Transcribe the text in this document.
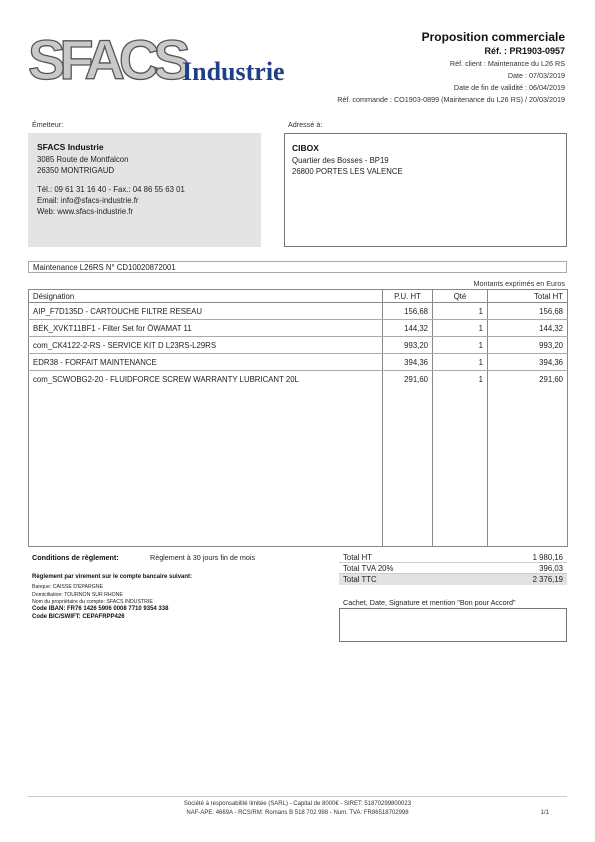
SFACS
Industrie
Proposition commerciale
Réf. : PR1903-0957
Réf. client : Maintenance du L26 RS
Date : 07/03/2019
Date de fin de validité : 06/04/2019
Réf. commande : CO1903-0899 (Maintenance du L26 RS) / 20/03/2019
Émetteur:	Adressé à:
SFACS Industrie
3085 Route de Montfalcon
26350 MONTRIGAUD
Tél.: 09 61 31 16 40 - Fax.: 04 86 55 63 01
Email: info@sfacs-industrie.fr
Web: www.sfacs-industrie.fr
CIBOX
Quartier des Bosses - BP19
26800 PORTES LES VALENCE
Maintenance L26RS N° CD10020872001
Montants exprimés en Euros
Désignation	P.U. HT	Qté	Total HT
AIP_F7D135D - CARTOUCHE FILTRE RESEAU	156,68	1	156,68
BEK_XVKT11BF1 - Filter Set for ÖWAMAT 11	144,32	1	144,32
com_CK4122-2-RS - SERVICE KIT D L23RS-L29RS	993,20	1	993,20
EDR38 - FORFAIT MAINTENANCE	394,36	1	394,36
com_SCWOBG2-20 - FLUIDFORCE SCREW WARRANTY LUBRICANT 20L	291,60	1	291,60

Conditions de règlement:	Règlement à 30 jours fin de mois
Règlement par virement sur le compte bancaire suivant:
Banque: CAISSE D'EPARGNE
Domiciliation: TOURNON SUR RHONE
Nom du propriétaire du compte: SFACS INDUSTRIE
Code IBAN: FR76 1426 5906 0008 7710 9354 338
Code BIC/SWIFT: CEPAFRPP426
Total HT	1 980,16
Total TVA 20%	396,03
Total TTC	2 376,19
Cachet, Date, Signature et mention "Bon pour Accord"
Société à responsabilité limitée (SARL) - Capital de 8000€ - SIRET: 51870299800023
NAF-APE: 4669A - RCS/RM: Romans B 518 702 998 - Num. TVA: FR86518702998	1/1
